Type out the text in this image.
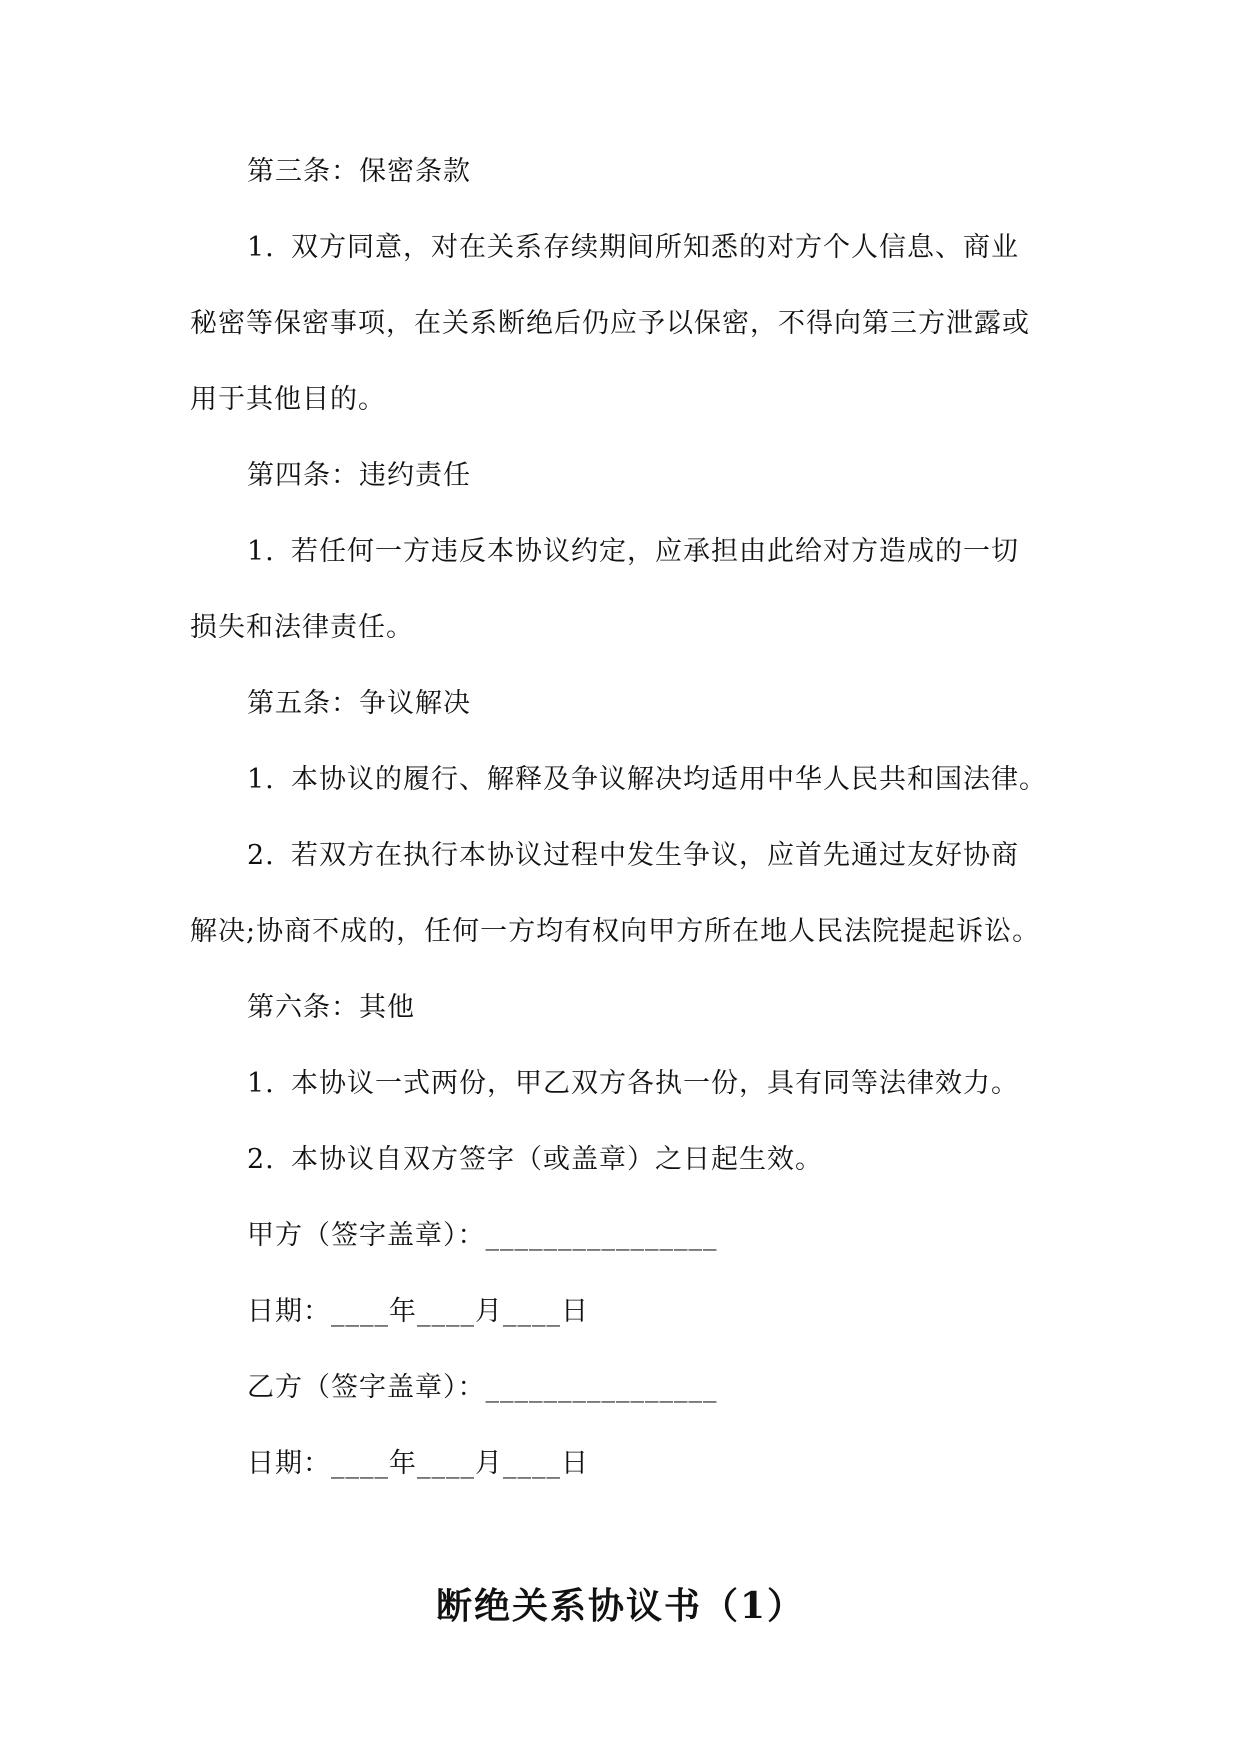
第三条：保密条款
1. 双方同意，对在关系存续期间所知悉的对方个人信息、商业
秘密等保密事项，在关系断绝后仍应予以保密，不得向第三方泄露或
用于其他目的。
第四条：违约责任
1. 若任何一方违反本协议约定，应承担由此给对方造成的一切
损失和法律责任。
第五条：争议解决
1. 本协议的履行、解释及争议解决均适用中华人民共和国法律。
2. 若双方在执行本协议过程中发生争议，应首先通过友好协商
解决;协商不成的，任何一方均有权向甲方所在地人民法院提起诉讼。
第六条：其他
1. 本协议一式两份，甲乙双方各执一份，具有同等法律效力。
2. 本协议自双方签字（或盖章）之日起生效。
甲方（签字盖章）：________________
日期：____年____月____日
乙方（签字盖章）：________________
日期：____年____月____日
断绝关系协议书（1）
